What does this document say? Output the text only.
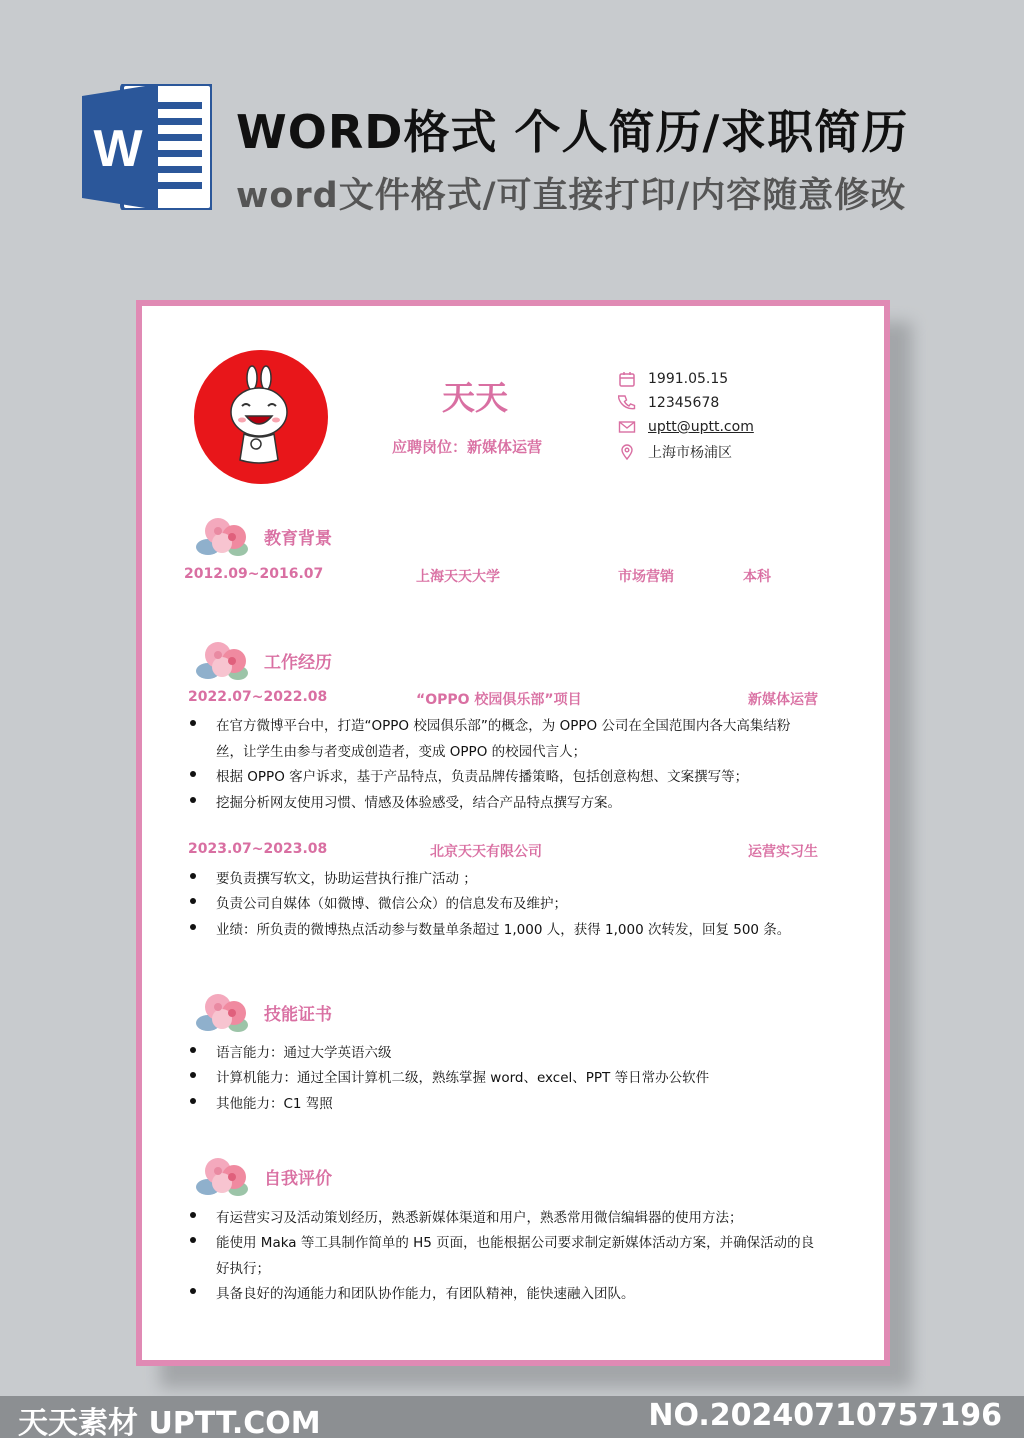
W WORD格式 个人简历/求职简历
word文件格式/可直接打印/内容随意修改
天天
应聘岗位：新媒体运营
1991.05.15
12345678
uptt@uptt.com
上海市杨浦区
教育背景
2012.09~2016.07	上海天天大学	市场营销	本科
工作经历
2022.07~2022.08	“OPPO 校园俱乐部”项目	新媒体运营
在官方微博平台中，打造“OPPO 校园俱乐部”的概念，为 OPPO 公司在全国范围内各大高集结粉
丝，让学生由参与者变成创造者，变成 OPPO 的校园代言人；
根据 OPPO 客户诉求，基于产品特点，负责品牌传播策略，包括创意构想、文案撰写等；
挖掘分析网友使用习惯、情感及体验感受，结合产品特点撰写方案。
2023.07~2023.08	北京天天有限公司	运营实习生
要负责撰写软文，协助运营执行推广活动 ；
负责公司自媒体（如微博、微信公众）的信息发布及维护；
业绩：所负责的微博热点活动参与数量单条超过 1,000 人，获得 1,000 次转发，回复 500 条。
技能证书
语言能力：通过大学英语六级
计算机能力：通过全国计算机二级，熟练掌握 word、excel、PPT 等日常办公软件
其他能力：C1 驾照
自我评价
有运营实习及活动策划经历，熟悉新媒体渠道和用户，熟悉常用微信编辑器的使用方法；
能使用 Maka 等工具制作简单的 H5 页面，也能根据公司要求制定新媒体活动方案，并确保活动的良
好执行；
具备良好的沟通能力和团队协作能力，有团队精神，能快速融入团队。
天天素材 UPTT.COM	NO.20240710757196
